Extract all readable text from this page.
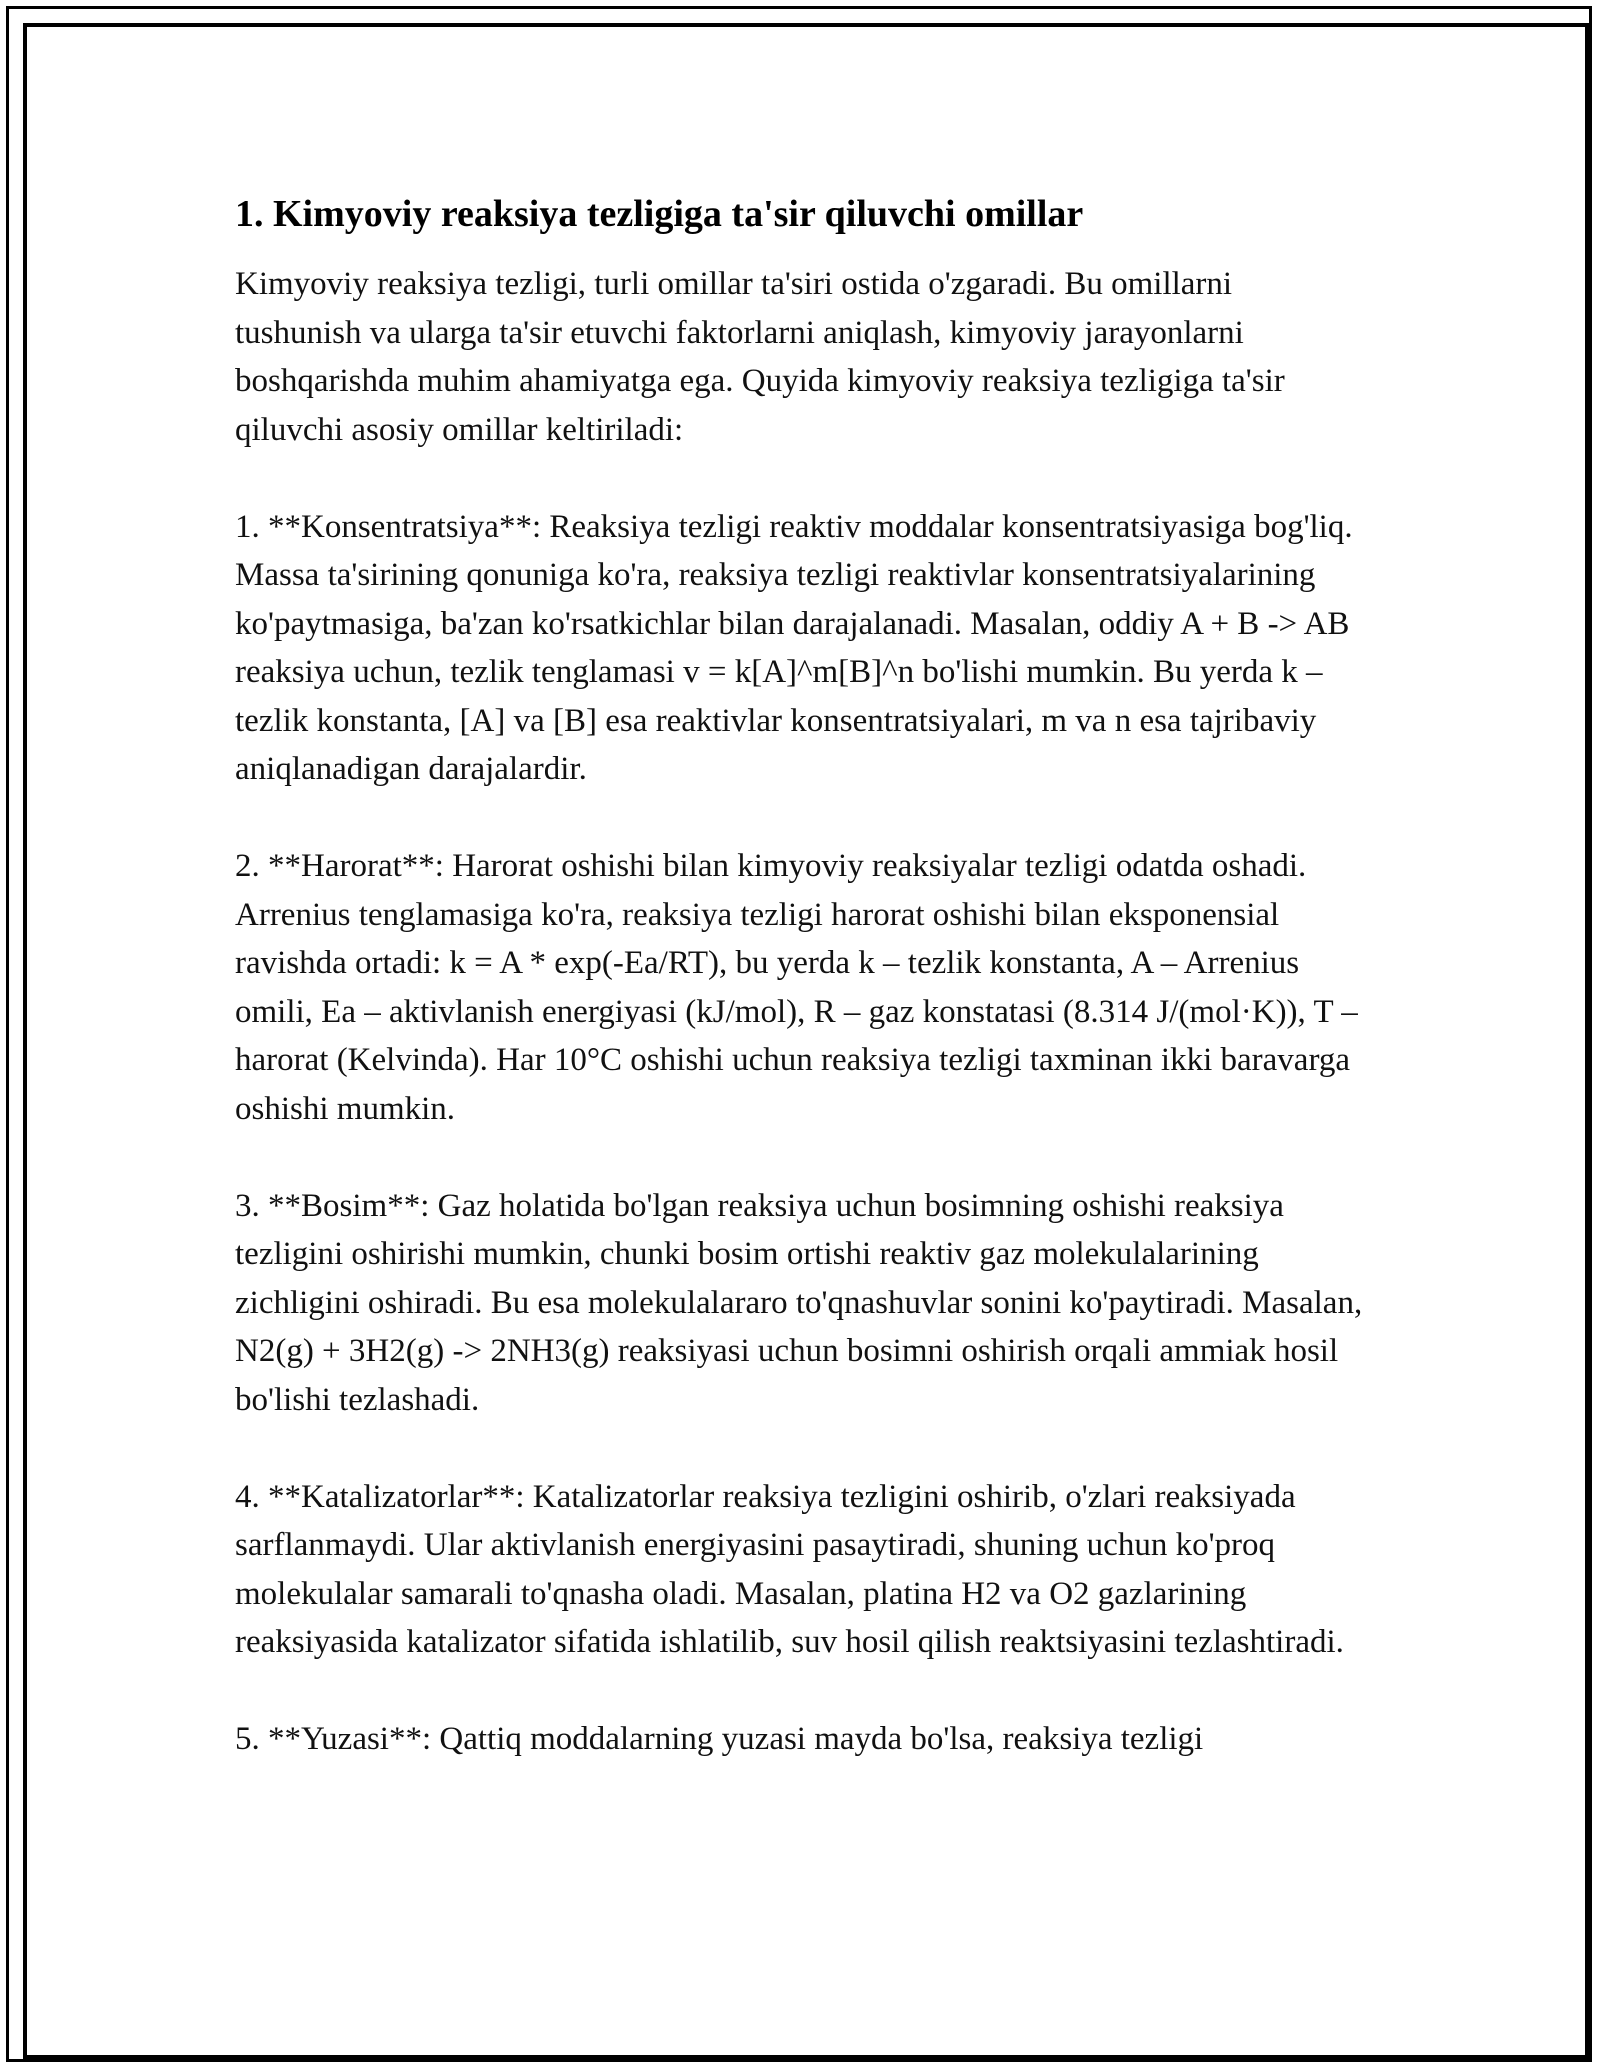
1. Kimyoviy reaksiya tezligiga ta'sir qiluvchi omillar

Kimyoviy reaksiya tezligi, turli omillar ta'siri ostida o'zgaradi. Bu omillarni tushunish va ularga ta'sir etuvchi faktorlarni aniqlash, kimyoviy jarayonlarni boshqarishda muhim ahamiyatga ega. Quyida kimyoviy reaksiya tezligiga ta'sir qiluvchi asosiy omillar keltiriladi:

1. **Konsentratsiya**: Reaksiya tezligi reaktiv moddalar konsentratsiyasiga bog'liq. Massa ta'sirining qonuniga ko'ra, reaksiya tezligi reaktivlar konsentratsiyalarining ko'paytmasiga, ba'zan ko'rsatkichlar bilan darajalanadi. Masalan, oddiy A + B -> AB reaksiya uchun, tezlik tenglamasi v = k[A]^m[B]^n bo'lishi mumkin. Bu yerda k – tezlik konstanta, [A] va [B] esa reaktivlar konsentratsiyalari, m va n esa tajribaviy aniqlanadigan darajalardir.

2. **Harorat**: Harorat oshishi bilan kimyoviy reaksiyalar tezligi odatda oshadi. Arrenius tenglamasiga ko'ra, reaksiya tezligi harorat oshishi bilan eksponensial ravishda ortadi: k = A * exp(-Ea/RT), bu yerda k – tezlik konstanta, A – Arrenius omili, Ea – aktivlanish energiyasi (kJ/mol), R – gaz konstatasi (8.314 J/(mol·K)), T – harorat (Kelvinda). Har 10°C oshishi uchun reaksiya tezligi taxminan ikki baravarga oshishi mumkin.

3. **Bosim**: Gaz holatida bo'lgan reaksiya uchun bosimning oshishi reaksiya tezligini oshirishi mumkin, chunki bosim ortishi reaktiv gaz molekulalarining zichligini oshiradi. Bu esa molekulalararo to'qnashuvlar sonini ko'paytiradi. Masalan, N2(g) + 3H2(g) -> 2NH3(g) reaksiyasi uchun bosimni oshirish orqali ammiak hosil bo'lishi tezlashadi.

4. **Katalizatorlar**: Katalizatorlar reaksiya tezligini oshirib, o'zlari reaksiyada sarflanmaydi. Ular aktivlanish energiyasini pasaytiradi, shuning uchun ko'proq molekulalar samarali to'qnasha oladi. Masalan, platina H2 va O2 gazlarining reaksiyasida katalizator sifatida ishlatilib, suv hosil qilish reaktsiyasini tezlashtiradi.

5. **Yuzasi**: Qattiq moddalarning yuzasi mayda bo'lsa, reaksiya tezligi
